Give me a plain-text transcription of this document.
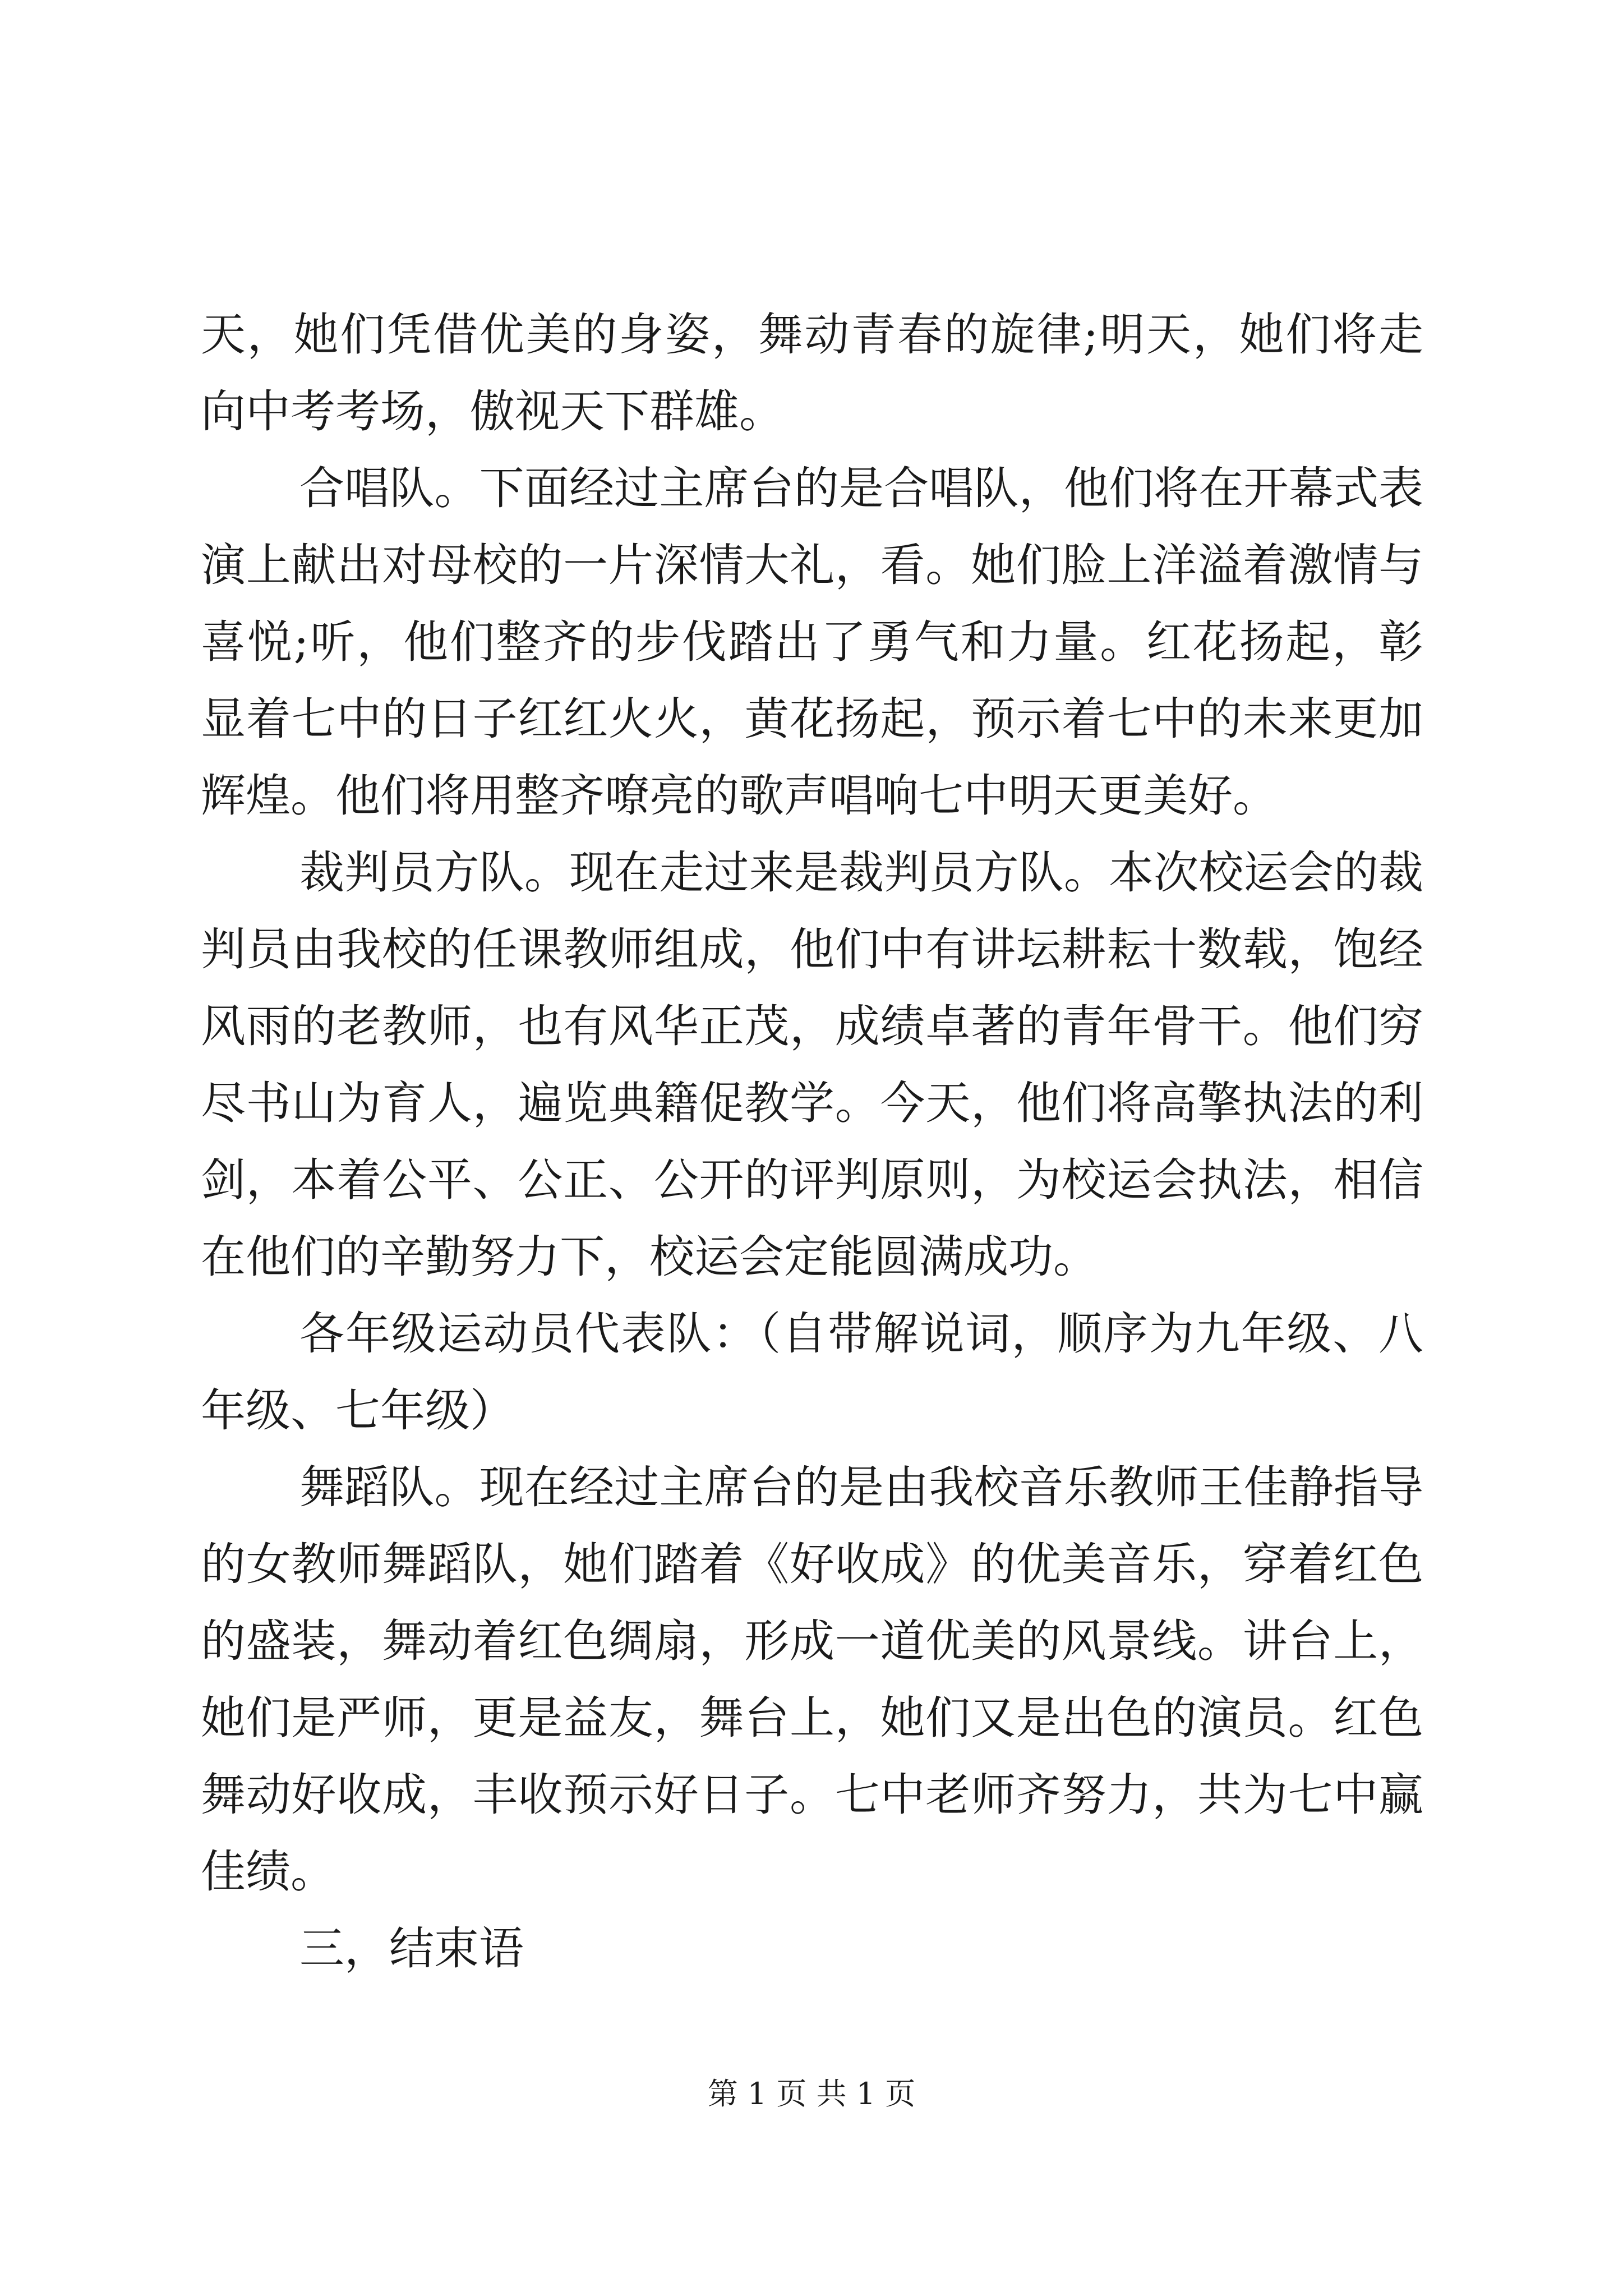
天，她们凭借优美的身姿，舞动青春的旋律;明天，她们将走向中考考场，傲视天下群雄。

合唱队。下面经过主席台的是合唱队，他们将在开幕式表演上献出对母校的一片深情大礼，看。她们脸上洋溢着激情与喜悦;听，他们整齐的步伐踏出了勇气和力量。红花扬起，彰显着七中的日子红红火火，黄花扬起，预示着七中的未来更加辉煌。他们将用整齐嘹亮的歌声唱响七中明天更美好。

裁判员方队。现在走过来是裁判员方队。本次校运会的裁判员由我校的任课教师组成，他们中有讲坛耕耘十数载，饱经风雨的老教师，也有风华正茂，成绩卓著的青年骨干。他们穷尽书山为育人，遍览典籍促教学。今天，他们将高擎执法的利剑，本着公平、公正、公开的评判原则，为校运会执法，相信在他们的辛勤努力下，校运会定能圆满成功。

各年级运动员代表队：（自带解说词，顺序为九年级、八年级、七年级）

舞蹈队。现在经过主席台的是由我校音乐教师王佳静指导的女教师舞蹈队，她们踏着《好收成》的优美音乐，穿着红色的盛装，舞动着红色绸扇，形成一道优美的风景线。讲台上，她们是严师，更是益友，舞台上，她们又是出色的演员。红色舞动好收成，丰收预示好日子。七中老师齐努力，共为七中赢佳绩。

三，结束语

第 1 页 共 1 页
